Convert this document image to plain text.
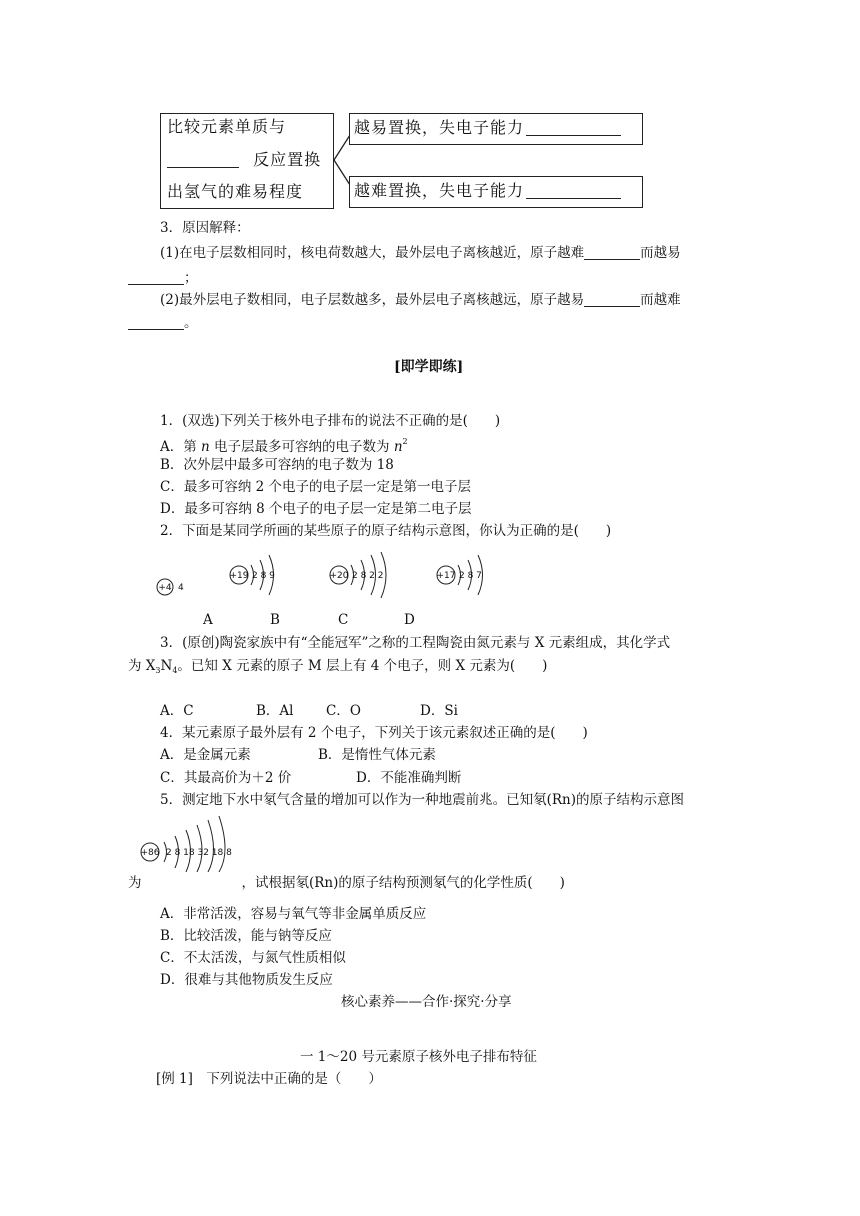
比较元素单质与
反应置换
出氢气的难易程度
越易置换，失电子能力
越难置换，失电子能力
3．原因解释：
(1)在电子层数相同时，核电荷数越大，最外层电子离核越近，原子越难	而越易
；
(2)最外层电子数相同，电子层数越多，最外层电子离核越远，原子越易	而越难
。
[即学即练]
1．(双选)下列关于核外电子排布的说法不正确的是(　　)
A．第 n 电子层最多可容纳的电子数为 $n^2$
B．次外层中最多可容纳的电子数为 18
C．最多可容纳 2 个电子的电子层一定是第一电子层
D．最多可容纳 8 个电子的电子层一定是第二电子层
2．下面是某同学所画的某些原子的原子结构示意图，你认为正确的是(　　)
+4 4
+19 2 8 9	+20 2 8 2 2	+17 2 8 7
A	B	C	D
3．(原创)陶瓷家族中有“全能冠军”之称的工程陶瓷由氮元素与 X 元素组成，其化学式
为 $X_3N_4$。已知 X 元素的原子 M 层上有 4 个电子，则 X 元素为(　　)
A．C	B．Al C．O	D．Si
4．某元素原子最外层有 2 个电子，下列关于该元素叙述正确的是(　　)
A．是金属元素	B．是惰性气体元素
C．其最高价为＋2 价	D．不能准确判断
5．测定地下水中氡气含量的增加可以作为一种地震前兆。已知氡(Rn)的原子结构示意图
+86 2 8 18 32 18 8
为	，试根据氡(Rn)的原子结构预测氡气的化学性质(　　)
A．非常活泼，容易与氧气等非金属单质反应
B．比较活泼，能与钠等反应
C．不太活泼，与氮气性质相似
D．很难与其他物质发生反应
核心素养——合作·探究·分享
一 1～20 号元素原子核外电子排布特征
[例 1]　下列说法中正确的是（　　）
